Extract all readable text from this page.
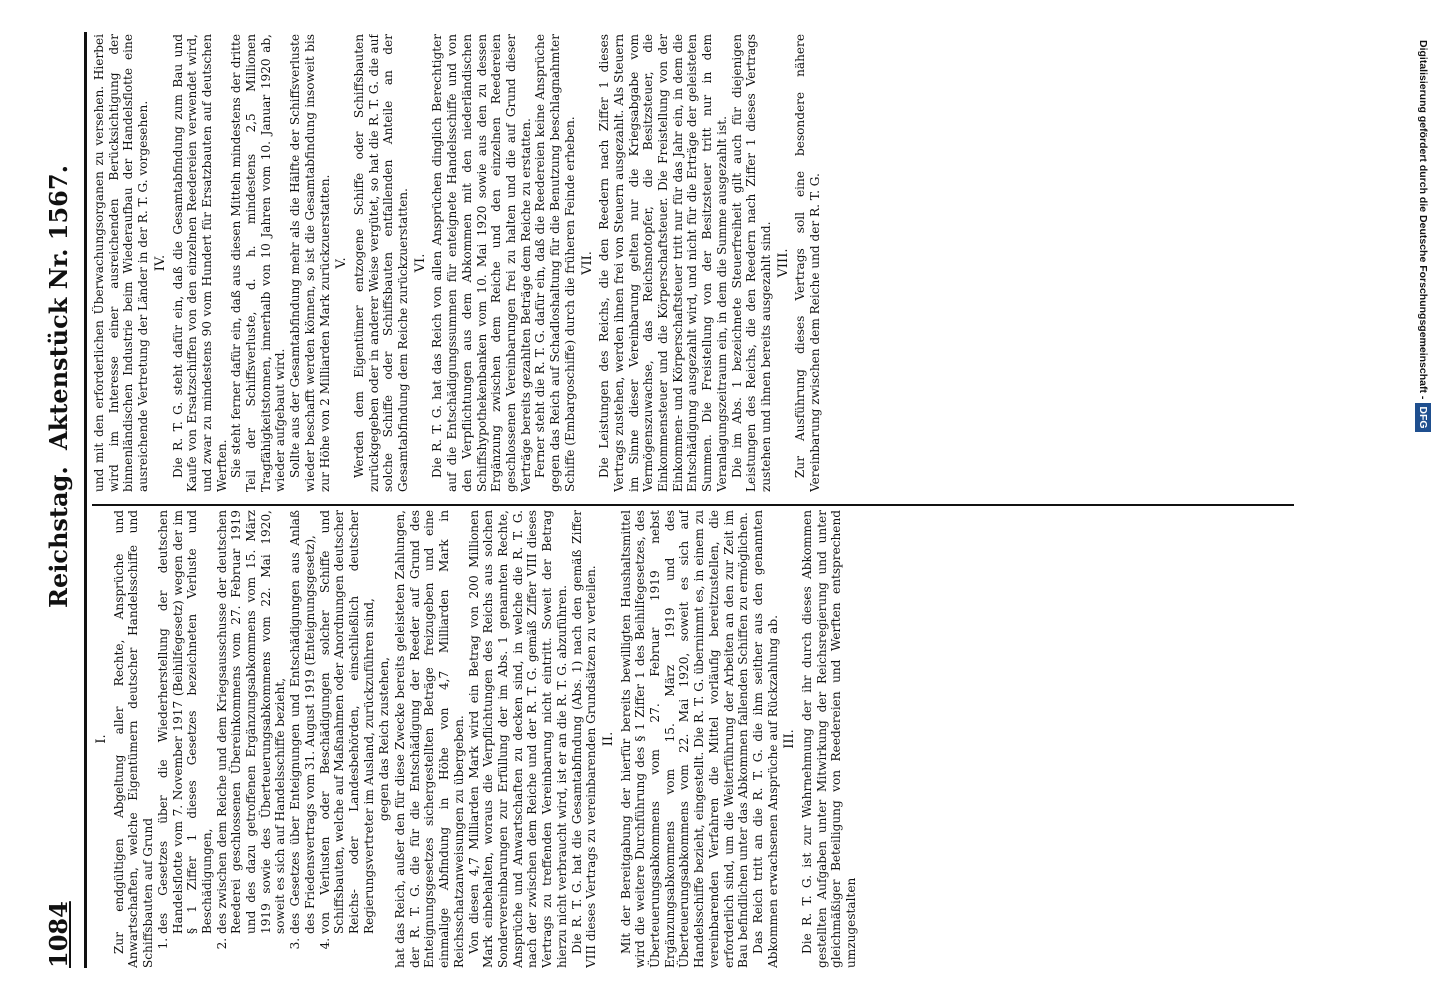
1084
Reichstag.
Aktenstück Nr. 1567.
I. Zur endgültigen Abgeltung aller Rechte, Ansprüche und Anwartschaften, welche Eigentümern deutscher Handelsschiffe und Schiffsbauten auf Grund 1. des Gesetzes über die Wiederherstellung der deutschen Handelsflotte vom 7. November 1917 (Beihilfegesetz) wegen der im § 1 Ziffer 1 dieses Gesetzes bezeichneten Verluste und Beschädigungen, 2. des zwischen dem Reiche und dem Kriegsausschusse der deutschen Reederei geschlossenen Übereinkommens vom 27. Februar 1919 und des dazu getroffenen Ergänzungsabkommens vom 15. März 1919 sowie des Überteuerungsabkommens vom 22. Mai 1920, soweit es sich auf Handelsschiffe bezieht, 3. des Gesetzes über Enteignungen und Entschädigungen aus Anlaß des Friedensvertrags vom 31. August 1919 (Enteignungsgesetz), 4. von Verlusten oder Beschädigungen solcher Schiffe und Schiffsbauten, welche auf Maßnahmen oder Anordnungen deutscher Reichs- oder Landesbehörden, einschließlich deutscher Regierungsvertreter im Ausland, zurückzuführen sind, gegen das Reich zustehen, hat das Reich, außer den für diese Zwecke bereits geleisteten Zahlungen, der R. T. G. die für die Entschädigung der Reeder auf Grund des Enteignungsgesetzes sichergestellten Beträge freizugeben und eine einmalige Abfindung in Höhe von 4,7 Milliarden Mark in Reichsschatzanweisungen zu übergeben. Von diesen 4,7 Milliarden Mark wird ein Betrag von 200 Millionen Mark einbehalten, woraus die Verpflichtungen des Reichs aus solchen Sondervereinbarungen zur Erfüllung der im Abs. 1 genannten Rechte, Ansprüche und Anwartschaften zu decken sind, in welche die R. T. G. nach der zwischen dem Reiche und der R. T. G. gemäß Ziffer VIII dieses Vertrags zu treffenden Vereinbarung nicht eintritt. Soweit der Betrag hierzu nicht verbraucht wird, ist er an die R. T. G. abzuführen. Die R. T. G. hat die Gesamtabfindung (Abs. 1) nach den gemäß Ziffer VIII dieses Vertrags zu vereinbarenden Grundsätzen zu verteilen. II. Mit der Bereitgabung der hierfür bereits bewilligten Haushaltsmittel wird die weitere Durchführung des § 1 Ziffer 1 des Beihilfegesetzes, des Überteuerungsabkommens vom 27. Februar 1919 nebst Ergänzungsabkommens vom 15. März 1919 und des Überteuerungsabkommens vom 22. Mai 1920, soweit es sich auf Handelsschiffe bezieht, eingestellt. Die R. T. G. übernimmt es, in einem zu vereinbarenden Verfahren die Mittel vorläufig bereitzustellen, die erforderlich sind, um die Weiterführung der Arbeiten an den zur Zeit im Bau befindlichen unter das Abkommen fallenden Schiffen zu ermöglichen. Das Reich tritt an die R. T. G. die ihm seither aus den genannten Abkommen erwachsenen Ansprüche auf Rückzahlung ab. III. Die R. T. G. ist zur Wahrnehmung der ihr durch dieses Abkommen gestellten Aufgaben unter Mitwirkung der Reichsregierung und unter gleichmäßiger Beteiligung von Reedereien und Werften entsprechend umzugestalten

und mit den erforderlichen Überwachungsorganen zu versehen. Hierbei wird im Interesse einer ausreichenden Berücksichtigung der binnenländischen Industrie beim Wiederaufbau der Handelsflotte eine ausreichende Vertretung der Länder in der R. T. G. vorgesehen. IV. Die R. T. G. steht dafür ein, daß die Gesamtabfindung zum Bau und Kaufe von Ersatzschiffen von den einzelnen Reedereien verwendet wird, und zwar zu mindestens 90 vom Hundert für Ersatzbauten auf deutschen Werften. Sie steht ferner dafür ein, daß aus diesen Mitteln mindestens der dritte Teil der Schiffsverluste, d. h. mindestens 2,5 Millionen Tragfähigkeitstonnen, innerhalb von 10 Jahren vom 10. Januar 1920 ab, wieder aufgebaut wird. Sollte aus der Gesamtabfindung mehr als die Hälfte der Schiffsverluste wieder beschafft werden können, so ist die Gesamtabfindung insoweit bis zur Höhe von 2 Milliarden Mark zurückzuerstatten. V. Werden dem Eigentümer entzogene Schiffe oder Schiffsbauten zurückgegeben oder in anderer Weise vergütet, so hat die R. T. G. die auf solche Schiffe oder Schiffsbauten entfallenden Anteile an der Gesamtabfindung dem Reiche zurückzuerstatten. VI. Die R. T. G. hat das Reich von allen Ansprüchen dinglich Berechtigter auf die Entschädigungssummen für enteignete Handelsschiffe und von den Verpflichtungen aus dem Abkommen mit den niederländischen Schiffshypothekenbanken vom 10. Mai 1920 sowie aus den zu dessen Ergänzung zwischen dem Reiche und den einzelnen Reedereien geschlossenen Vereinbarungen frei zu halten und die auf Grund dieser Verträge bereits gezahlten Beträge dem Reiche zu erstatten. Ferner steht die R. T. G. dafür ein, daß die Reedereien keine Ansprüche gegen das Reich auf Schadloshaltung für die Benutzung beschlagnahmter Schiffe (Embargoschiffe) durch die früheren Feinde erheben. VII. Die Leistungen des Reichs, die den Reedern nach Ziffer 1 dieses Vertrags zustehen, werden ihnen frei von Steuern ausgezahlt. Als Steuern im Sinne dieser Vereinbarung gelten nur die Kriegsabgabe vom Vermögenszuwachse, das Reichsnotopfer, die Besitzsteuer, die Einkommensteuer und die Körperschaftsteuer. Die Freistellung von der Einkommen- und Körperschaftsteuer tritt nur für das Jahr ein, in dem die Entschädigung ausgezahlt wird, und nicht für die Erträge der geleisteten Summen. Die Freistellung von der Besitzsteuer tritt nur in dem Veranlagungszeitraum ein, in dem die Summe ausgezahlt ist. Die im Abs. 1 bezeichnete Steuerfreiheit gilt auch für diejenigen Leistungen des Reichs, die den Reedern nach Ziffer 1 dieses Vertrags zustehen und ihnen bereits ausgezahlt sind. VIII. Zur Ausführung dieses Vertrags soll eine besondere nähere Vereinbarung zwischen dem Reiche und der R. T. G.	Digitalisierung gefördert durch die Deutsche Forschungsgemeinschaft -DFG
